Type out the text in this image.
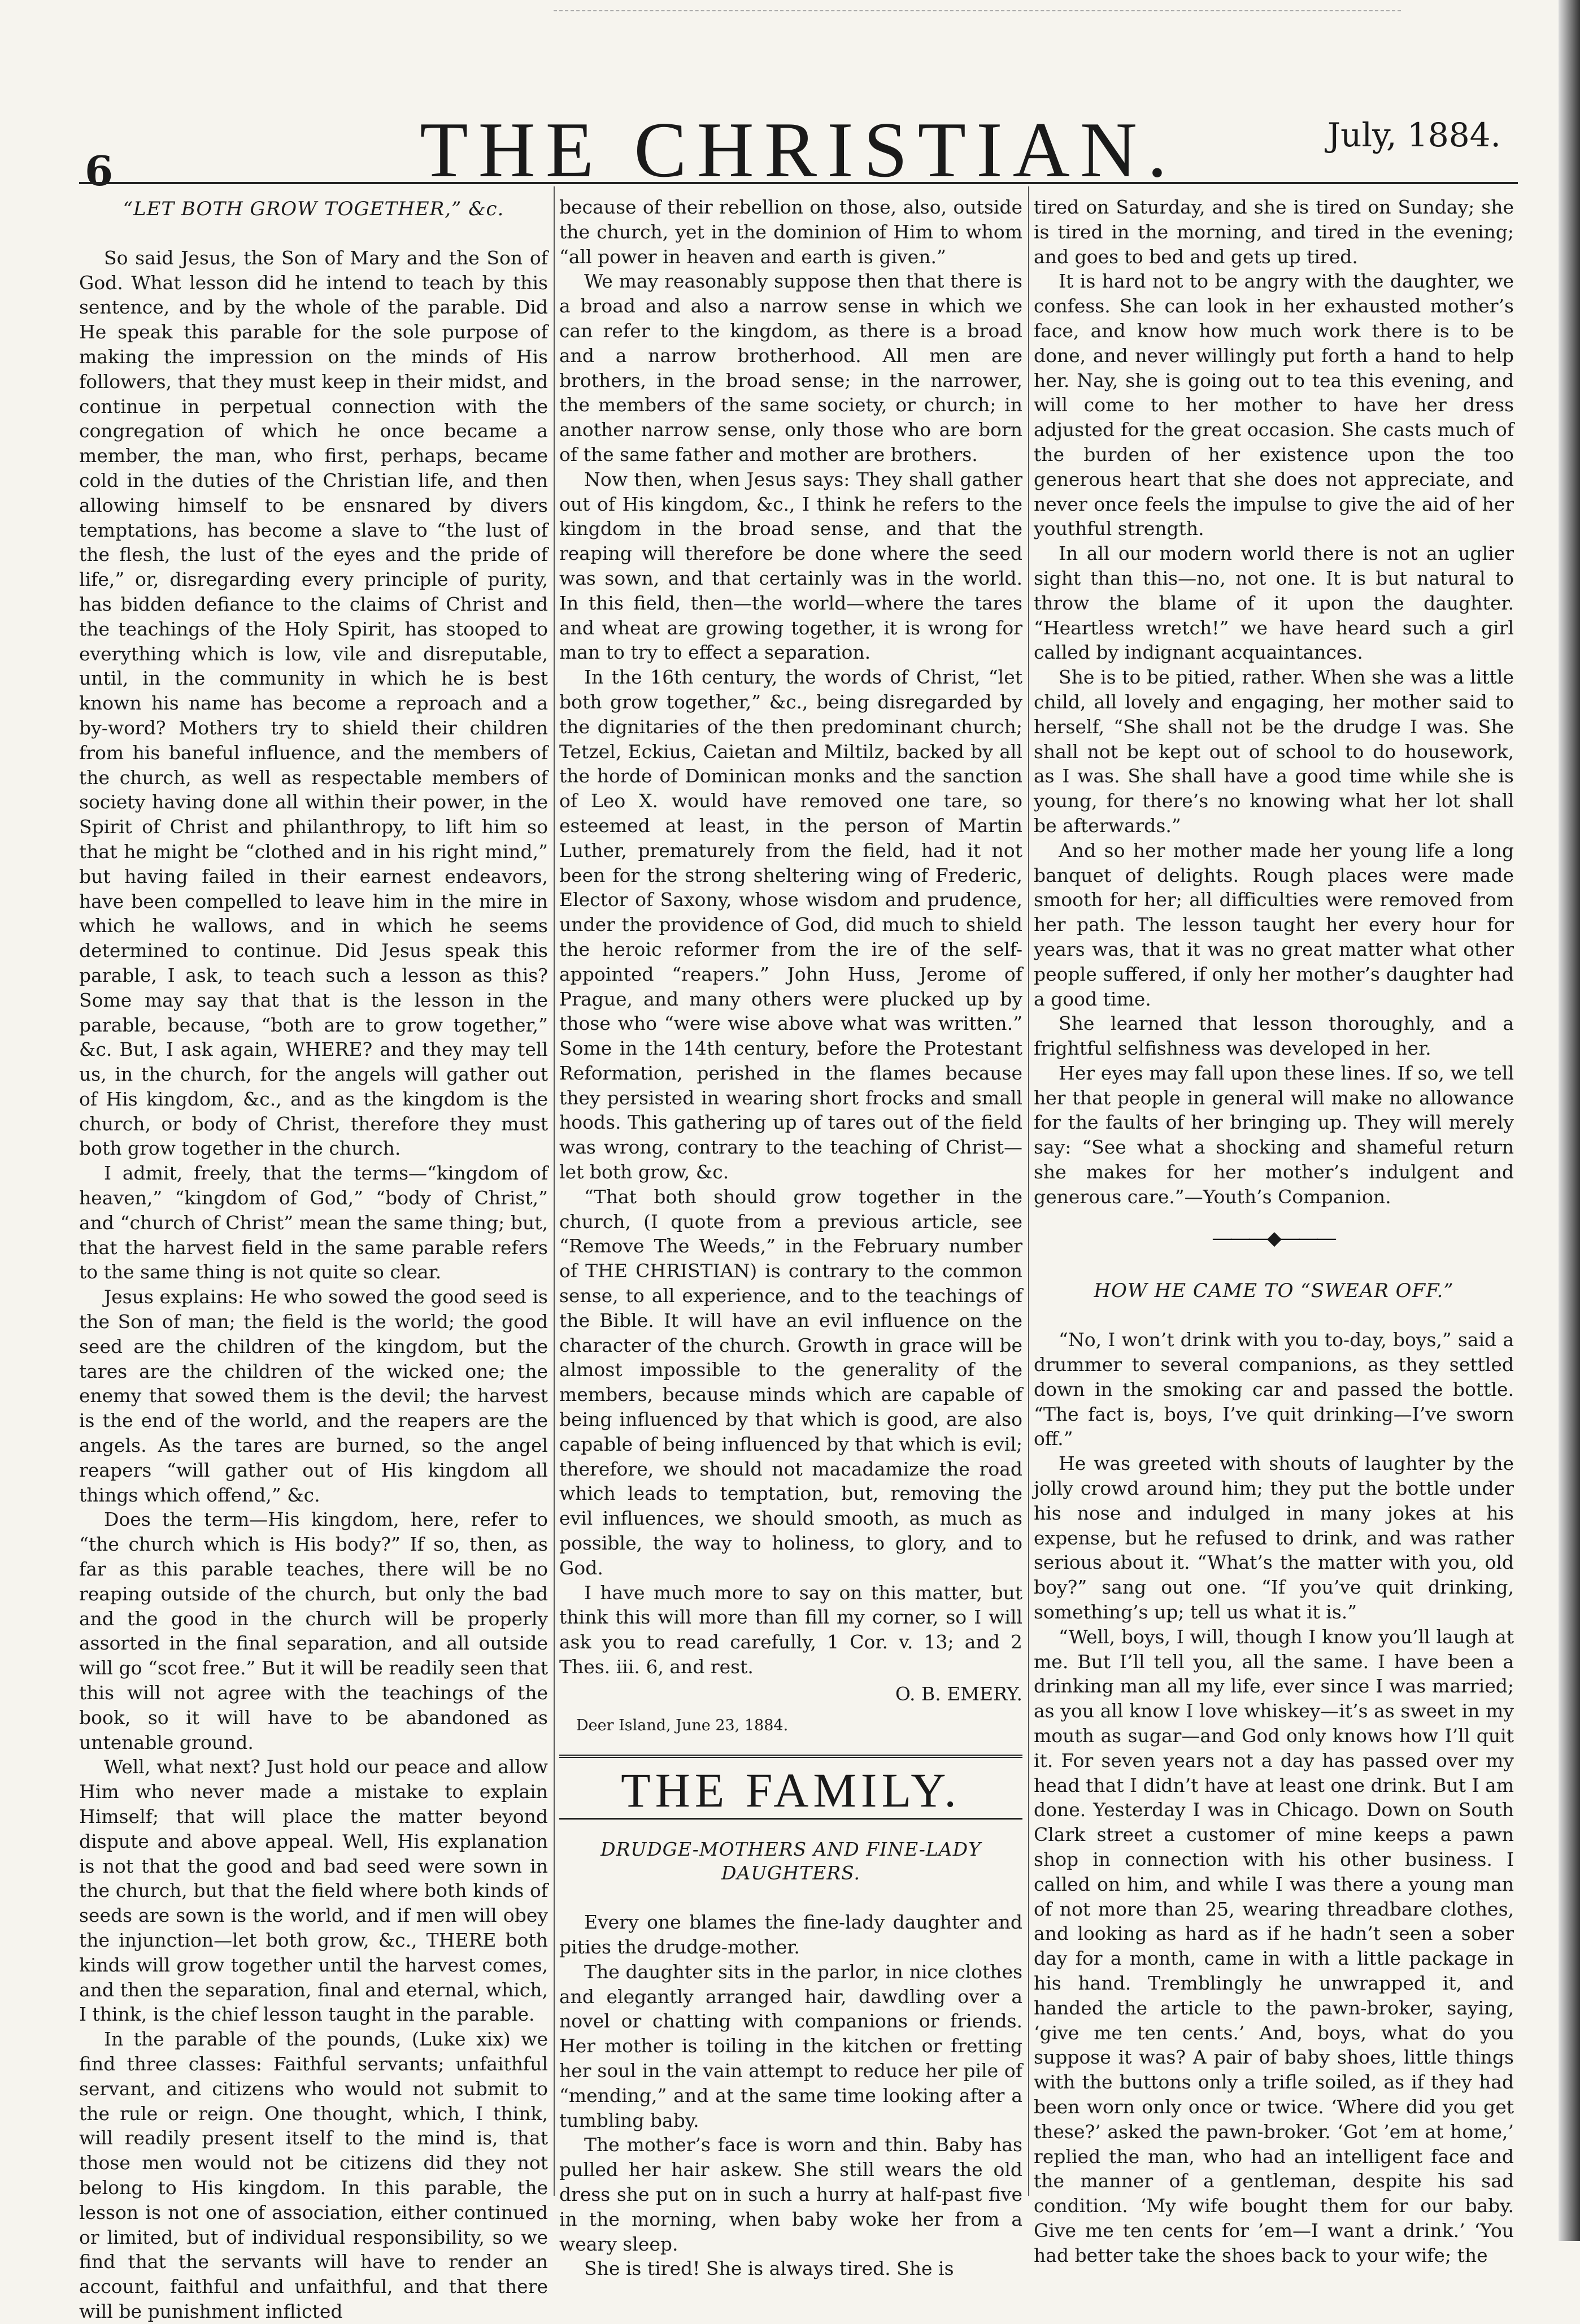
6	THE CHRISTIAN.	July, 1884.
“LET BOTH GROW TOGETHER,” &c.

So said Jesus, the Son of Mary and the Son of God. What lesson did he intend to teach by this sentence, and by the whole of the parable. Did He speak this parable for the sole purpose of making the impression on the minds of His followers, that they must keep in their midst, and continue in perpetual connection with the congregation of which he once became a member, the man, who first, perhaps, became cold in the duties of the Christian life, and then allowing himself to be ensnared by divers temptations, has become a slave to “the lust of the flesh, the lust of the eyes and the pride of life,” or, disregarding every principle of purity, has bidden defiance to the claims of Christ and the teachings of the Holy Spirit, has stooped to everything which is low, vile and disreputable, until, in the community in which he is best known his name has become a reproach and a by-word? Mothers try to shield their children from his baneful influence, and the members of the church, as well as respectable members of society having done all within their power, in the Spirit of Christ and philanthropy, to lift him so that he might be “clothed and in his right mind,” but having failed in their earnest endeavors, have been compelled to leave him in the mire in which he wallows, and in which he seems determined to continue. Did Jesus speak this parable, I ask, to teach such a lesson as this? Some may say that that is the lesson in the parable, because, “both are to grow together,” &c. But, I ask again, WHERE? and they may tell us, in the church, for the angels will gather out of His kingdom, &c., and as the kingdom is the church, or body of Christ, therefore they must both grow together in the church.

I admit, freely, that the terms—“kingdom of heaven,” “kingdom of God,” “body of Christ,” and “church of Christ” mean the same thing; but, that the harvest field in the same parable refers to the same thing is not quite so clear.

Jesus explains: He who sowed the good seed is the Son of man; the field is the world; the good seed are the children of the kingdom, but the tares are the children of the wicked one; the enemy that sowed them is the devil; the harvest is the end of the world, and the reapers are the angels. As the tares are burned, so the angel reapers “will gather out of His kingdom all things which offend,” &c.

Does the term—His kingdom, here, refer to “the church which is His body?” If so, then, as far as this parable teaches, there will be no reaping outside of the church, but only the bad and the good in the church will be properly assorted in the final separation, and all outside will go “scot free.” But it will be readily seen that this will not agree with the teachings of the book, so it will have to be abandoned as untenable ground.

Well, what next? Just hold our peace and allow Him who never made a mistake to explain Himself; that will place the matter beyond dispute and above appeal. Well, His explanation is not that the good and bad seed were sown in the church, but that the field where both kinds of seeds are sown is the world, and if men will obey the injunction—let both grow, &c., THERE both kinds will grow together until the harvest comes, and then the separation, final and eternal, which, I think, is the chief lesson taught in the parable.

In the parable of the pounds, (Luke xix) we find three classes: Faithful servants; unfaithful servant, and citizens who would not submit to the rule or reign. One thought, which, I think, will readily present itself to the mind is, that those men would not be citizens did they not belong to His kingdom. In this parable, the lesson is not one of association, either continued or limited, but of individual responsibility, so we find that the servants will have to render an account, faithful and unfaithful, and that there will be punishment inflicted

because of their rebellion on those, also, outside the church, yet in the dominion of Him to whom “all power in heaven and earth is given.”

We may reasonably suppose then that there is a broad and also a narrow sense in which we can refer to the kingdom, as there is a broad and a narrow brotherhood. All men are brothers, in the broad sense; in the narrower, the members of the same society, or church; in another narrow sense, only those who are born of the same father and mother are brothers.

Now then, when Jesus says: They shall gather out of His kingdom, &c., I think he refers to the kingdom in the broad sense, and that the reaping will therefore be done where the seed was sown, and that certainly was in the world. In this field, then—the world—where the tares and wheat are growing together, it is wrong for man to try to effect a separation.

In the 16th century, the words of Christ, “let both grow together,” &c., being disregarded by the dignitaries of the then predominant church; Tetzel, Eckius, Caietan and Miltilz, backed by all the horde of Dominican monks and the sanction of Leo X. would have removed one tare, so esteemed at least, in the person of Martin Luther, prematurely from the field, had it not been for the strong sheltering wing of Frederic, Elector of Saxony, whose wisdom and prudence, under the providence of God, did much to shield the heroic reformer from the ire of the self-appointed “reapers.” John Huss, Jerome of Prague, and many others were plucked up by those who “were wise above what was written.” Some in the 14th century, before the Protestant Reformation, perished in the flames because they persisted in wearing short frocks and small hoods. This gathering up of tares out of the field was wrong, contrary to the teaching of Christ—let both grow, &c.

“That both should grow together in the church, (I quote from a previous article, see “Remove The Weeds,” in the February number of THE CHRISTIAN) is contrary to the common sense, to all experience, and to the teachings of the Bible. It will have an evil influence on the character of the church. Growth in grace will be almost impossible to the generality of the members, because minds which are capable of being influenced by that which is good, are also capable of being influenced by that which is evil; therefore, we should not macadamize the road which leads to temptation, but, removing the evil influences, we should smooth, as much as possible, the way to holiness, to glory, and to God.

I have much more to say on this matter, but think this will more than fill my corner, so I will ask you to read carefully, 1 Cor. v. 13; and 2 Thes. iii. 6, and rest.

O. B. EMERY.
Deer Island, June 23, 1884.
THE FAMILY.
DRUDGE-MOTHERS AND FINE-LADY DAUGHTERS.

Every one blames the fine-lady daughter and pities the drudge-mother.

The daughter sits in the parlor, in nice clothes and elegantly arranged hair, dawdling over a novel or chatting with companions or friends. Her mother is toiling in the kitchen or fretting her soul in the vain attempt to reduce her pile of “mending,” and at the same time looking after a tumbling baby.

The mother’s face is worn and thin. Baby has pulled her hair askew. She still wears the old dress she put on in such a hurry at half-past five in the morning, when baby woke her from a weary sleep.

She is tired! She is always tired. She is

tired on Saturday, and she is tired on Sunday; she is tired in the morning, and tired in the evening; and goes to bed and gets up tired.

It is hard not to be angry with the daughter, we confess. She can look in her exhausted mother’s face, and know how much work there is to be done, and never willingly put forth a hand to help her. Nay, she is going out to tea this evening, and will come to her mother to have her dress adjusted for the great occasion. She casts much of the burden of her existence upon the too generous heart that she does not appreciate, and never once feels the impulse to give the aid of her youthful strength.

In all our modern world there is not an uglier sight than this—no, not one. It is but natural to throw the blame of it upon the daughter. “Heartless wretch!” we have heard such a girl called by indignant acquaintances.

She is to be pitied, rather. When she was a little child, all lovely and engaging, her mother said to herself, “She shall not be the drudge I was. She shall not be kept out of school to do housework, as I was. She shall have a good time while she is young, for there’s no knowing what her lot shall be afterwards.”

And so her mother made her young life a long banquet of delights. Rough places were made smooth for her; all difficulties were removed from her path. The lesson taught her every hour for years was, that it was no great matter what other people suffered, if only her mother’s daughter had a good time.

She learned that lesson thoroughly, and a frightful selfishness was developed in her.

Her eyes may fall upon these lines. If so, we tell her that people in general will make no allowance for the faults of her bringing up. They will merely say: “See what a shocking and shameful return she makes for her mother’s indulgent and generous care.”—Youth’s Companion.

―――◆―――
HOW HE CAME TO “SWEAR OFF.”

“No, I won’t drink with you to-day, boys,” said a drummer to several companions, as they settled down in the smoking car and passed the bottle. “The fact is, boys, I’ve quit drinking—I’ve sworn off.”

He was greeted with shouts of laughter by the jolly crowd around him; they put the bottle under his nose and indulged in many jokes at his expense, but he refused to drink, and was rather serious about it. “What’s the matter with you, old boy?” sang out one. “If you’ve quit drinking, something’s up; tell us what it is.”

“Well, boys, I will, though I know you’ll laugh at me. But I’ll tell you, all the same. I have been a drinking man all my life, ever since I was married; as you all know I love whiskey—it’s as sweet in my mouth as sugar—and God only knows how I’ll quit it. For seven years not a day has passed over my head that I didn’t have at least one drink. But I am done. Yesterday I was in Chicago. Down on South Clark street a customer of mine keeps a pawn shop in connection with his other business. I called on him, and while I was there a young man of not more than 25, wearing threadbare clothes, and looking as hard as if he hadn’t seen a sober day for a month, came in with a little package in his hand. Tremblingly he unwrapped it, and handed the article to the pawn-broker, saying, ‘give me ten cents.’ And, boys, what do you suppose it was? A pair of baby shoes, little things with the buttons only a trifle soiled, as if they had been worn only once or twice. ‘Where did you get these?’ asked the pawn-broker. ‘Got ’em at home,’ replied the man, who had an intelligent face and the manner of a gentleman, despite his sad condition. ‘My wife bought them for our baby. Give me ten cents for ’em—I want a drink.’ ‘You had better take the shoes back to your wife; the
